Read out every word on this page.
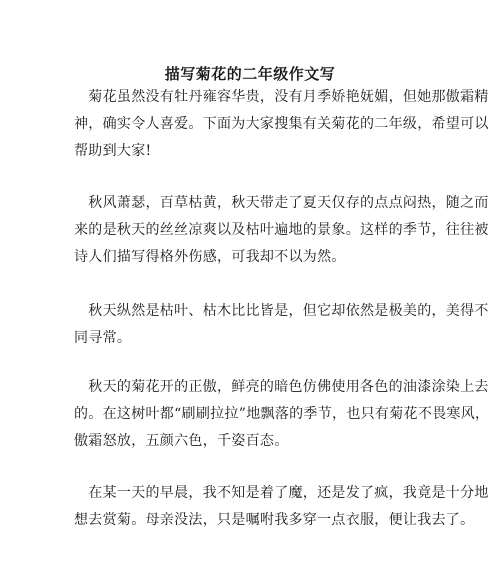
描写菊花的二年级作文写
　菊花虽然没有牡丹雍容华贵，没有月季娇艳妩媚，但她那傲霜精
神，确实令人喜爱。下面为大家搜集有关菊花的二年级，希望可以
帮助到大家!
　秋风萧瑟，百草枯黄，秋天带走了夏天仅存的点点闷热，随之而
来的是秋天的丝丝凉爽以及枯叶遍地的景象。这样的季节，往往被
诗人们描写得格外伤感，可我却不以为然。
　秋天纵然是枯叶、枯木比比皆是，但它却依然是极美的，美得不
同寻常。
　秋天的菊花开的正傲，鲜亮的暗色仿佛使用各色的油漆涂染上去
的。在这树叶都“刷刷拉拉”地飘落的季节，也只有菊花不畏寒风，
傲霜怒放，五颜六色，千姿百态。
　在某一天的早晨，我不知是着了魔，还是发了疯，我竟是十分地
想去赏菊。母亲没法，只是嘱咐我多穿一点衣服，便让我去了。
